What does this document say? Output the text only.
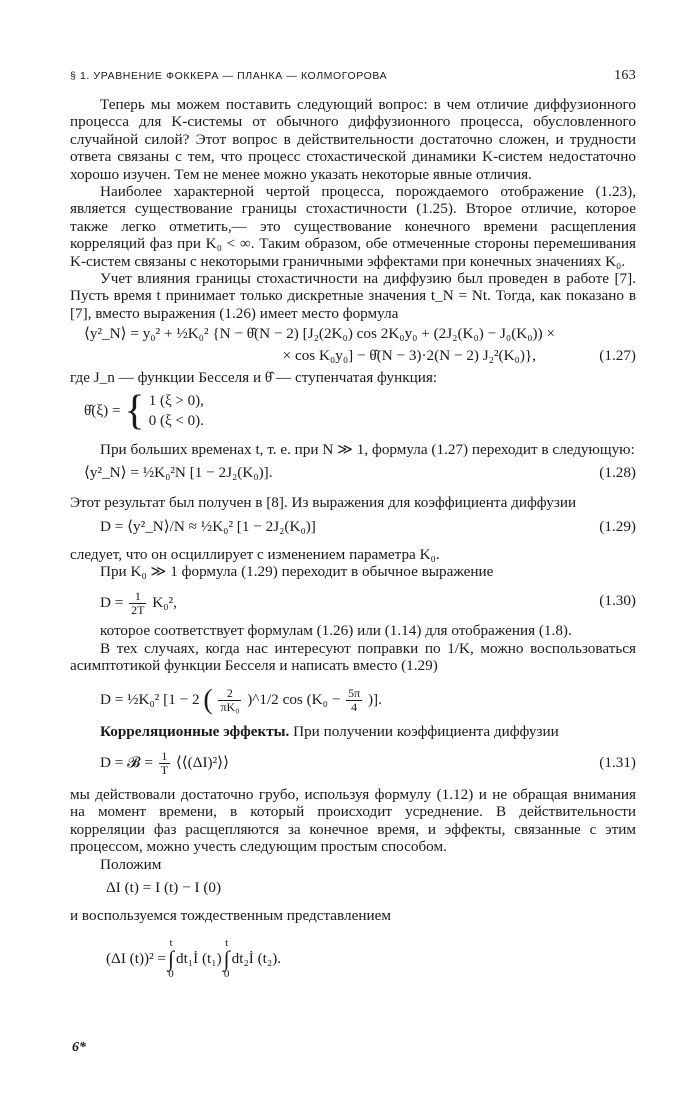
§ 1. УРАВНЕНИЕ ФОККЕРА — ПЛАНКА — КОЛМОГОРОВА	163

Теперь мы можем поставить следующий вопрос: в чем отличие диффузионного процесса для K-системы от обычного диффузионного процесса, обусловленного случайной силой? Этот вопрос в действительности достаточно сложен, и трудности ответа связаны с тем, что процесс стохастической динамики K-систем недостаточно хорошо изучен. Тем не менее можно указать некоторые явные отличия.

Наиболее характерной чертой процесса, порождаемого отображение (1.23), является существование границы стохастичности (1.25). Второе отличие, которое также легко отметить,— это существование конечного времени расщепления корреляций фаз при K₀ < ∞. Таким образом, обе отмеченные стороны перемешивания K-систем связаны с некоторыми граничными эффектами при конечных значениях K₀.

Учет влияния границы стохастичности на диффузию был проведен в работе [7]. Пусть время t принимает только дискретные значения t_N = Nt. Тогда, как показано в [7], вместо выражения (1.26) имеет место формула

⟨y²_N⟩ = y₀² + ½K₀² {N − θ̂(N − 2) [J₂(2K₀) cos 2K₀y₀ + (2J₂(K₀) − J₀(K₀)) ×
× cos K₀y₀] − θ̂(N − 3)·2(N − 2) J₂²(K₀)},	(1.27)

где J_n — функции Бесселя и θ̂ — ступенчатая функция:

θ̂(ξ) = { 1 (ξ > 0),
0 (ξ < 0).

При больших временах t, т. е. при N ≫ 1, формула (1.27) переходит в следующую:

⟨y²_N⟩ = ½K₀²N [1 − 2J₂(K₀)].	(1.28)

Этот результат был получен в [8]. Из выражения для коэффициента диффузии

D = ⟨y²_N⟩/N ≈ ½K₀² [1 − 2J₂(K₀)]	(1.29)

следует, что он осциллирует с изменением параметра K₀.

При K₀ ≫ 1 формула (1.29) переходит в обычное выражение

$D = \frac{1}{2T} K_0^2$,	(1.30)

которое соответствует формулам (1.26) или (1.14) для отображения (1.8).

В тех случаях, когда нас интересуют поправки по 1/K, можно воспользоваться асимптотикой функции Бесселя и написать вместо (1.29)

D = ½K₀² [1 − 2 ( $\frac{2}{\text{πK₀}}$ )^1/2 $\cos (K_0 - \frac{5\pi}{4}$ )].

Корреляционные эффекты. При получении коэффициента диффузии

D = 𝓑 = $\frac{1}{T}$ ⟨⟨(ΔI)²⟩⟩	(1.31)

мы действовали достаточно грубо, используя формулу (1.12) и не обращая внимания на момент времени, в который происходит усреднение. В действительности корреляции фаз расщепляются за конечное время, и эффекты, связанные с этим процессом, можно учесть следующим простым способом.

Положим

ΔI (t) = I (t) − I (0)

и воспользуемся тождественным представлением

(ΔI (t))² =
t
∫
0
dt₁İ (t₁)
t
∫
0
dt₂İ (t₂).
6*
